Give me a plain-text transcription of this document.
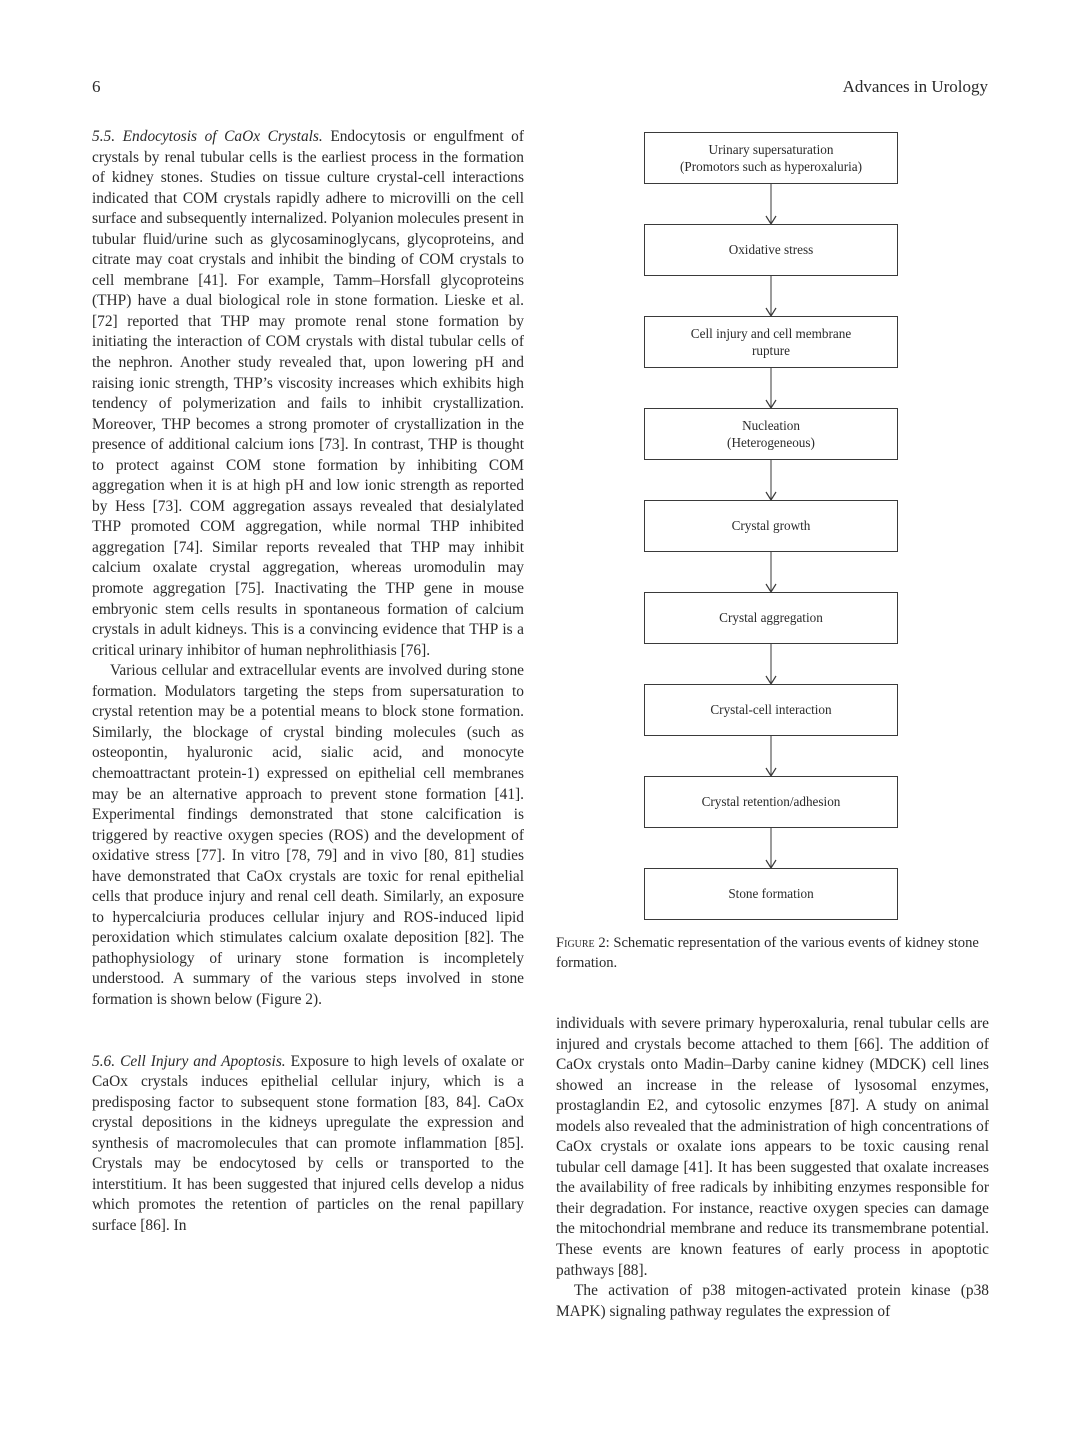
6	Advances in Urology

5.5. Endocytosis of CaOx Crystals. Endocytosis or engulfment of crystals by renal tubular cells is the earliest process in the formation of kidney stones. Studies on tissue culture crystal-cell interactions indicated that COM crystals rapidly adhere to microvilli on the cell surface and subsequently internalized. Polyanion molecules present in tubular fluid/urine such as glycosaminoglycans, glycoproteins, and citrate may coat crystals and inhibit the binding of COM crystals to cell membrane [41]. For example, Tamm–Horsfall glycoproteins (THP) have a dual biological role in stone formation. Lieske et al. [72] reported that THP may promote renal stone formation by initiating the interaction of COM crystals with distal tubular cells of the nephron. Another study revealed that, upon lowering pH and raising ionic strength, THP’s viscosity increases which exhibits high tendency of polymerization and fails to inhibit crystallization. Moreover, THP becomes a strong promoter of crystallization in the presence of additional calcium ions [73]. In contrast, THP is thought to protect against COM stone formation by inhibiting COM aggregation when it is at high pH and low ionic strength as reported by Hess [73]. COM aggregation assays revealed that desialylated THP promoted COM aggregation, while normal THP inhibited aggregation [74]. Similar reports revealed that THP may inhibit calcium oxalate crystal aggregation, whereas uromodulin may promote aggregation [75]. Inactivating the THP gene in mouse embryonic stem cells results in spontaneous formation of calcium crystals in adult kidneys. This is a convincing evidence that THP is a critical urinary inhibitor of human nephrolithiasis [76].

Various cellular and extracellular events are involved during stone formation. Modulators targeting the steps from supersaturation to crystal retention may be a potential means to block stone formation. Similarly, the blockage of crystal binding molecules (such as osteopontin, hyaluronic acid, sialic acid, and monocyte chemoattractant protein-1) expressed on epithelial cell membranes may be an alternative approach to prevent stone formation [41]. Experimental findings demonstrated that stone calcification is triggered by reactive oxygen species (ROS) and the development of oxidative stress [77]. In vitro [78, 79] and in vivo [80, 81] studies have demonstrated that CaOx crystals are toxic for renal epithelial cells that produce injury and renal cell death. Similarly, an exposure to hypercalciuria produces cellular injury and ROS-induced lipid peroxidation which stimulates calcium oxalate deposition [82]. The pathophysiology of urinary stone formation is incompletely understood. A summary of the various steps involved in stone formation is shown below (Figure 2).

5.6. Cell Injury and Apoptosis. Exposure to high levels of oxalate or CaOx crystals induces epithelial cellular injury, which is a predisposing factor to subsequent stone formation [83, 84]. CaOx crystal depositions in the kidneys upregulate the expression and synthesis of macromolecules that can promote inflammation [85]. Crystals may be endocytosed by cells or transported to the interstitium. It has been suggested that injured cells develop a nidus which promotes the retention of particles on the renal papillary surface [86]. In

Urinary supersaturation
(Promotors such as hyperoxaluria)
Oxidative stress
Cell injury and cell membrane
rupture
Nucleation
(Heterogeneous)
Crystal growth
Crystal aggregation
Crystal-cell interaction
Crystal retention/adhesion
Stone formation
Figure 2: Schematic representation of the various events of kidney stone formation.

individuals with severe primary hyperoxaluria, renal tubular cells are injured and crystals become attached to them [66]. The addition of CaOx crystals onto Madin–Darby canine kidney (MDCK) cell lines showed an increase in the release of lysosomal enzymes, prostaglandin E2, and cytosolic enzymes [87]. A study on animal models also revealed that the administration of high concentrations of CaOx crystals or oxalate ions appears to be toxic causing renal tubular cell damage [41]. It has been suggested that oxalate increases the availability of free radicals by inhibiting enzymes responsible for their degradation. For instance, reactive oxygen species can damage the mitochondrial membrane and reduce its transmembrane potential. These events are known features of early process in apoptotic pathways [88].

The activation of p38 mitogen-activated protein kinase (p38 MAPK) signaling pathway regulates the expression of
